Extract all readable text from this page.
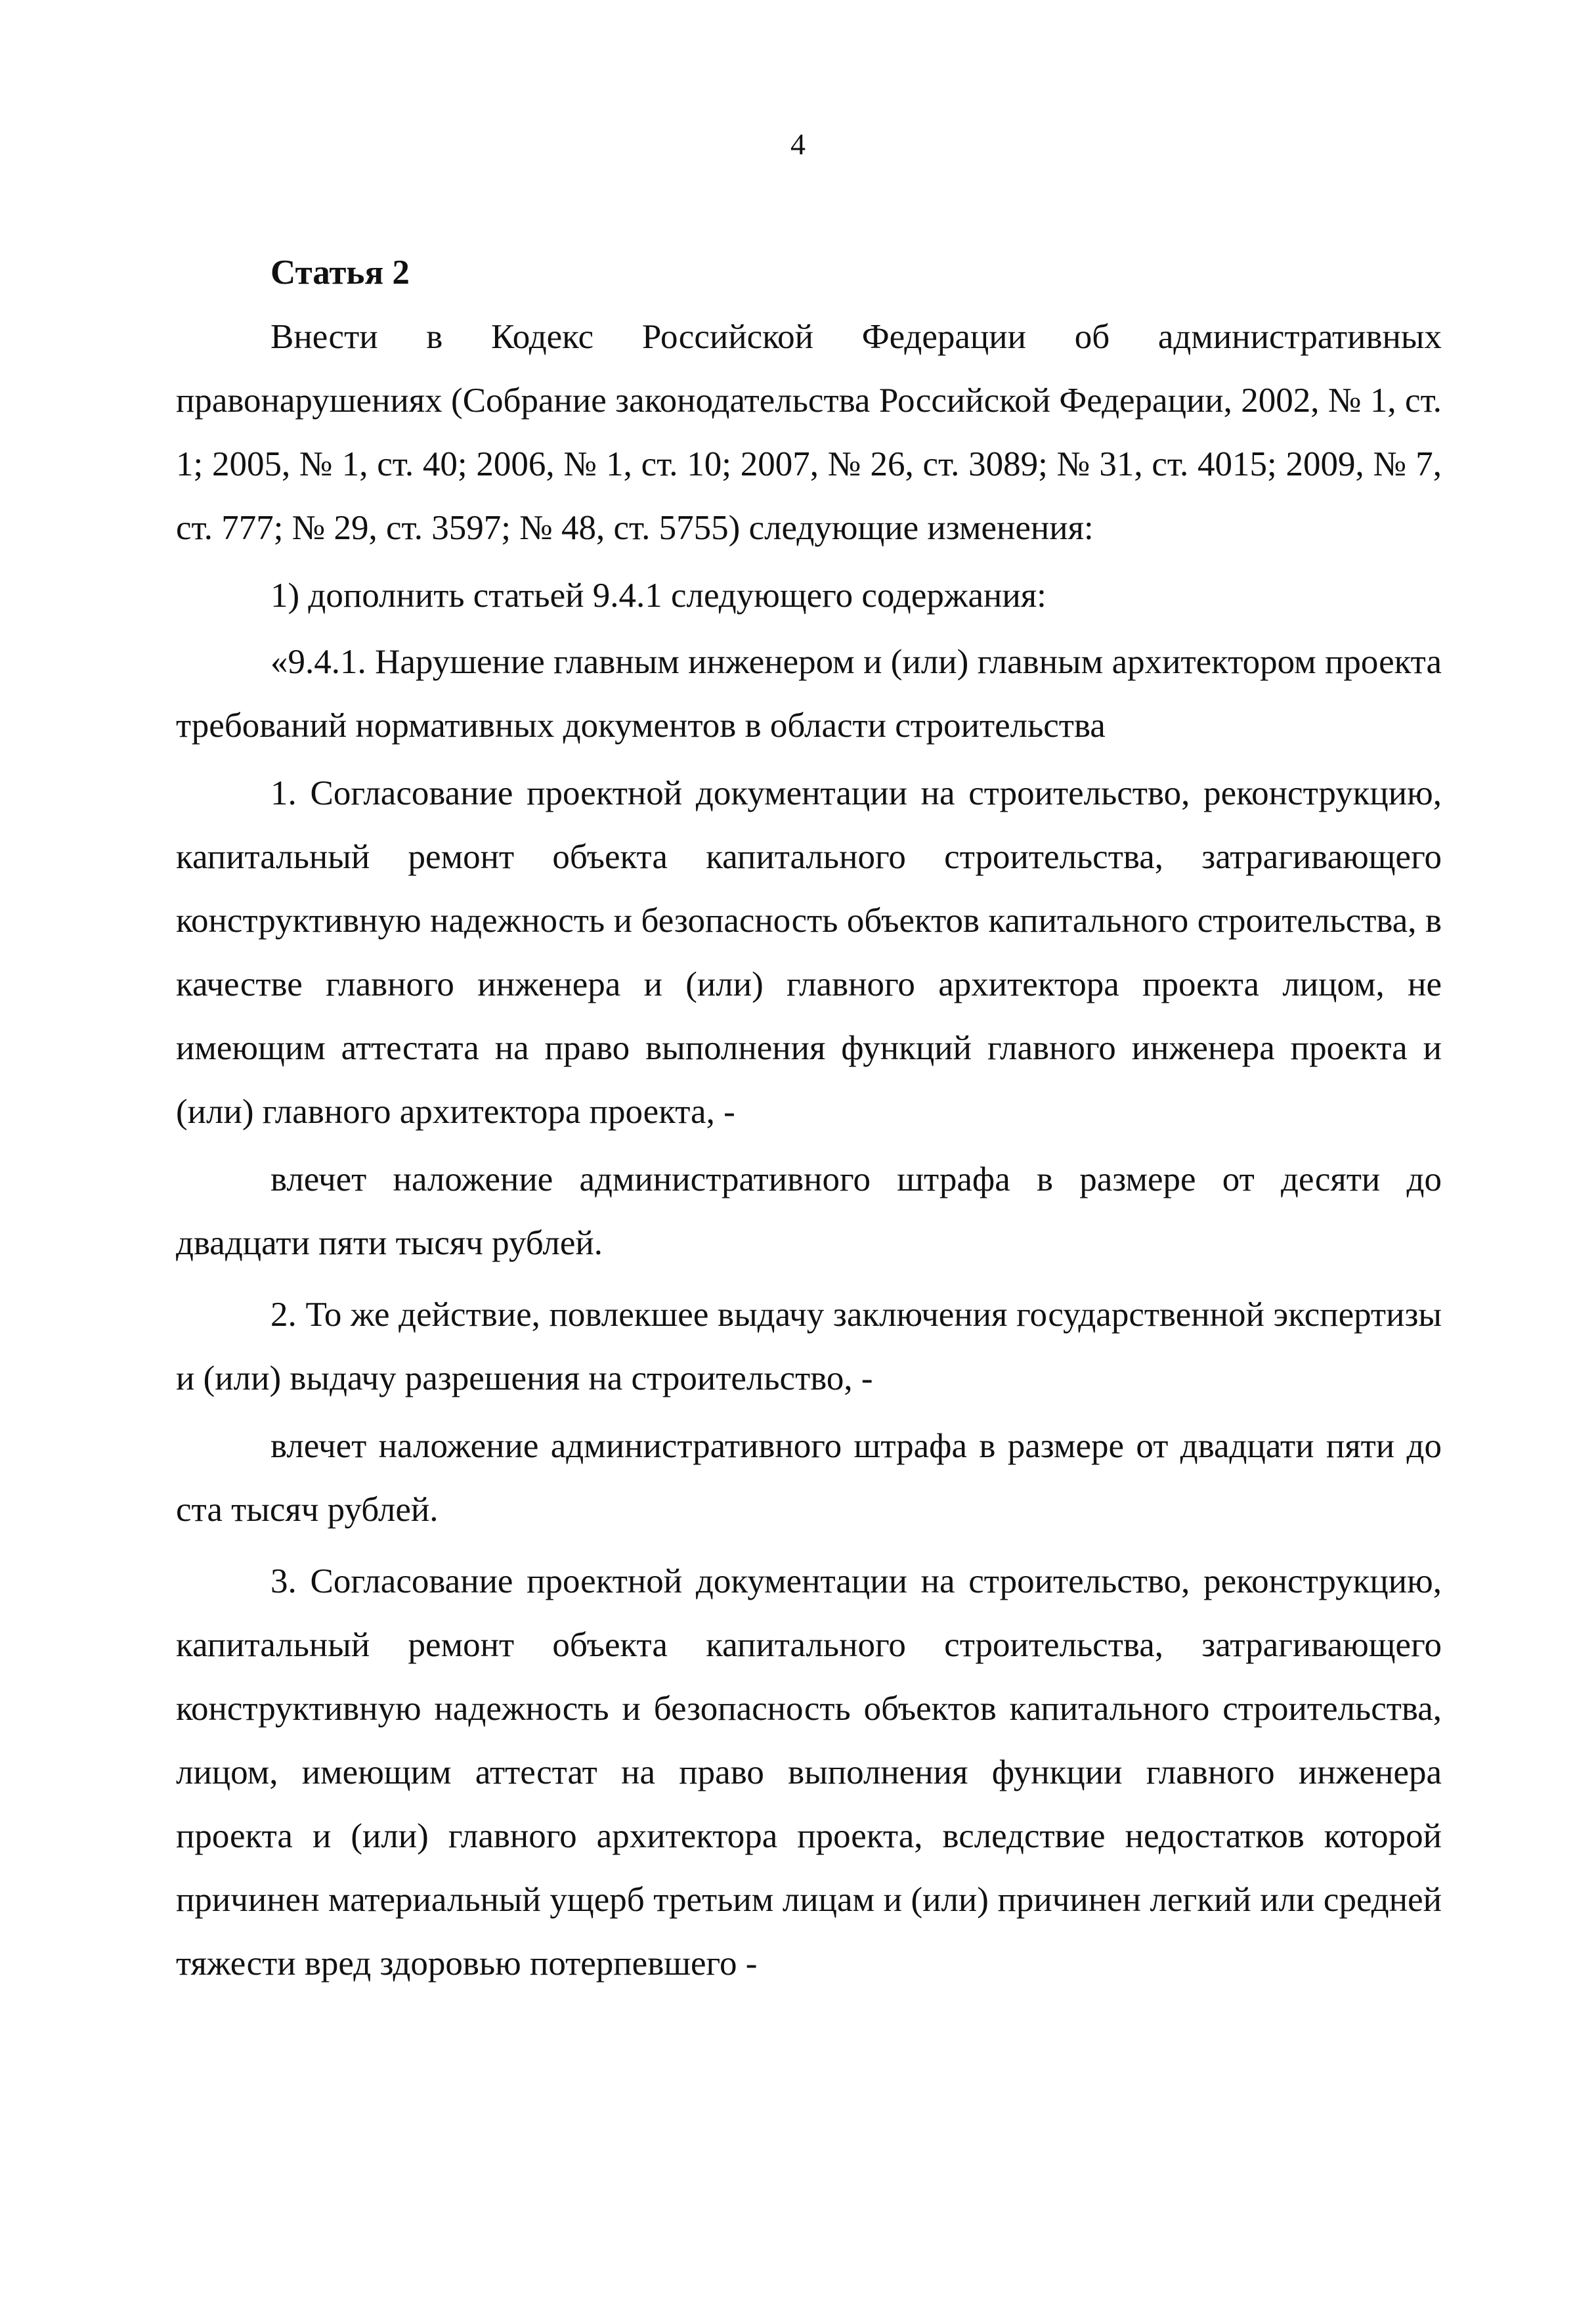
4
Статья 2

Внести в Кодекс Российской Федерации об административных правонарушениях (Собрание законодательства Российской Федерации, 2002, № 1, ст. 1; 2005, № 1, ст. 40; 2006, № 1, ст. 10; 2007, № 26, ст. 3089; № 31, ст. 4015; 2009, № 7, ст. 777; № 29, ст. 3597; № 48, ст. 5755) следующие изменения:

1) дополнить статьей 9.4.1 следующего содержания:

«9.4.1. Нарушение главным инженером и (или) главным архитектором проекта требований нормативных документов в области строительства

1. Согласование проектной документации на строительство, реконструкцию, капитальный ремонт объекта капитального строительства, затрагивающего конструктивную надежность и безопасность объектов капитального строительства, в качестве главного инженера и (или) главного архитектора проекта лицом, не имеющим аттестата на право выполнения функций главного инженера проекта и (или) главного архитектора проекта, -

влечет наложение административного штрафа в размере от десяти до двадцати пяти тысяч рублей.

2. То же действие, повлекшее выдачу заключения государственной экспертизы и (или) выдачу разрешения на строительство, -

влечет наложение административного штрафа в размере от двадцати пяти до ста тысяч рублей.

3. Согласование проектной документации на строительство, реконструкцию, капитальный ремонт объекта капитального строительства, затрагивающего конструктивную надежность и безопасность объектов капитального строительства, лицом, имеющим аттестат на право выполнения функции главного инженера проекта и (или) главного архитектора проекта, вследствие недостатков которой причинен материальный ущерб третьим лицам и (или) причинен легкий или средней тяжести вред здоровью потерпевшего -
